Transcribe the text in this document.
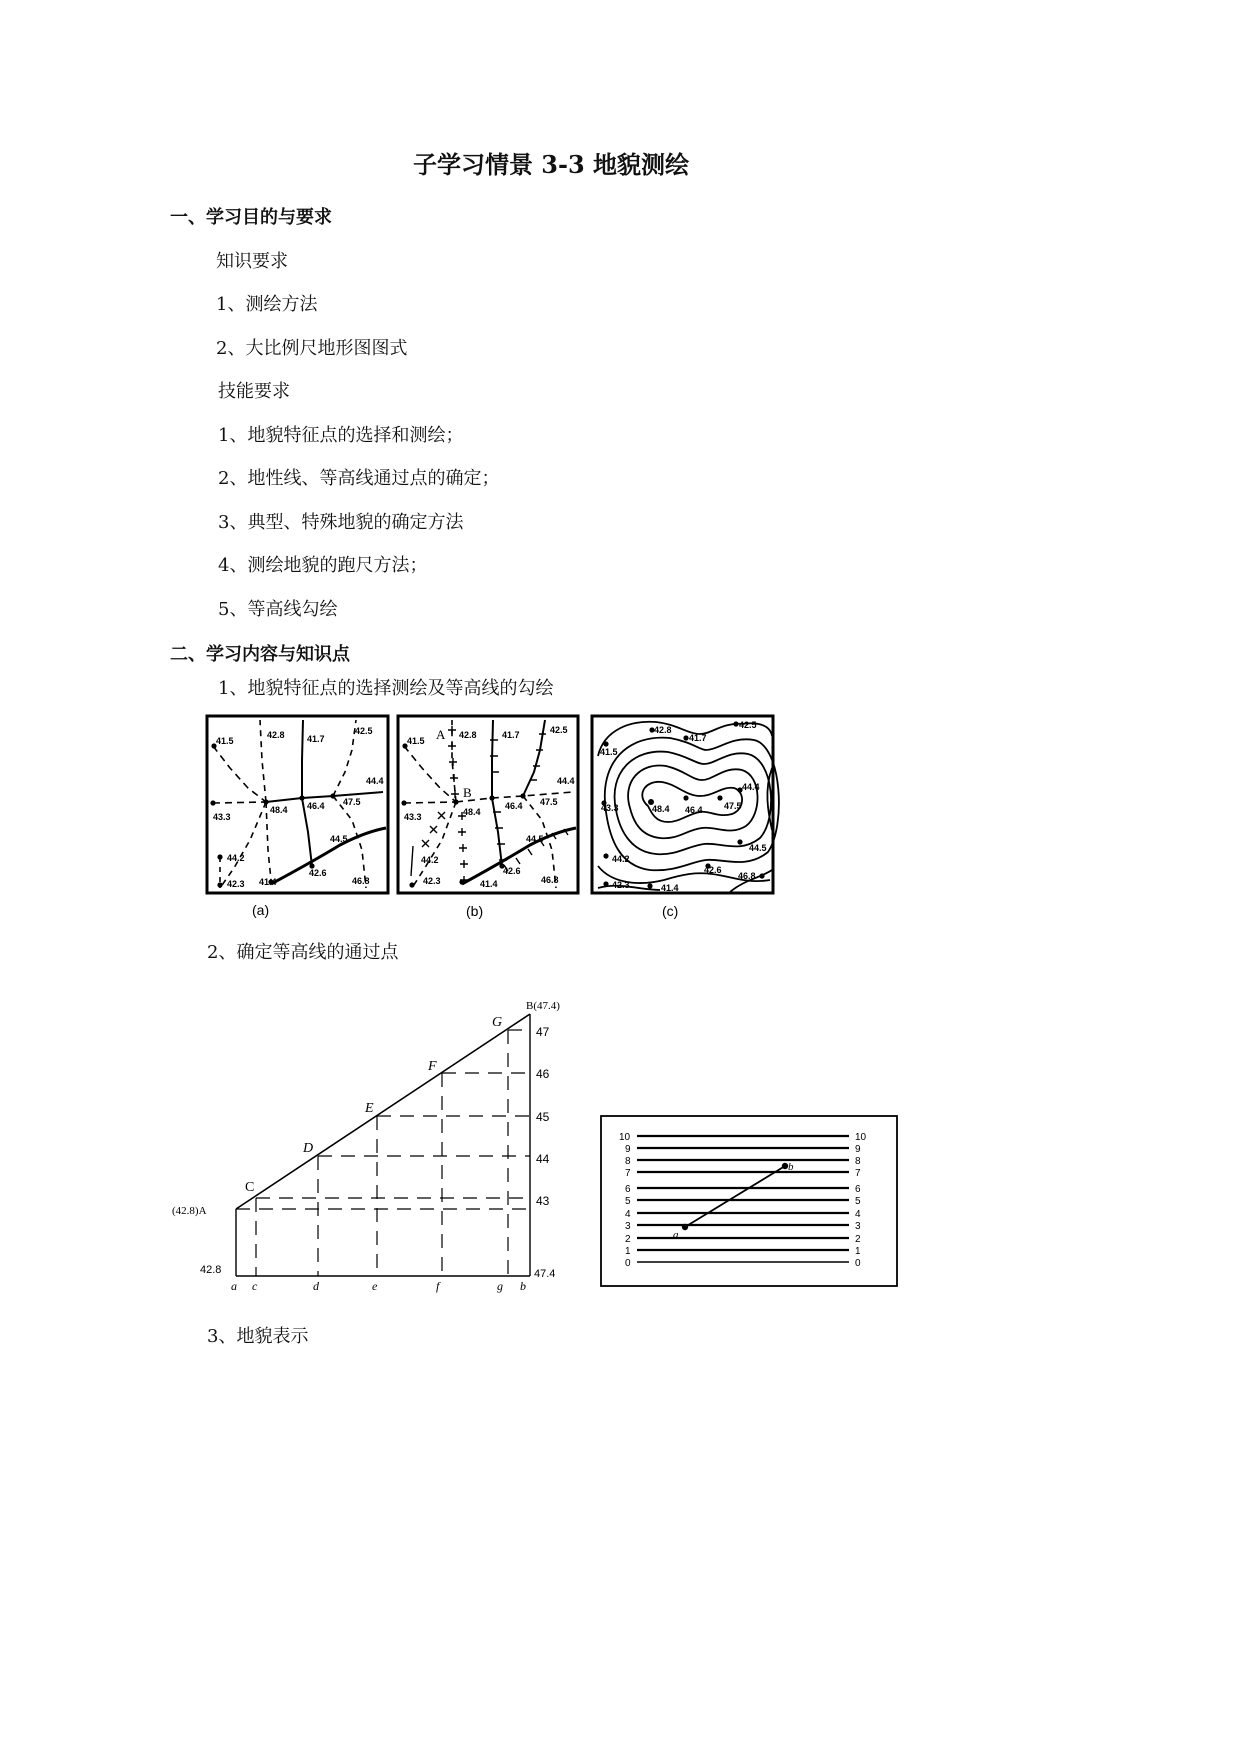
子学习情景 3-3 地貌测绘
一、学习目的与要求
知识要求
1、测绘方法
2、大比例尺地形图图式
技能要求
1、地貌特征点的选择和测绘；
2、地性线、等高线通过点的确定；
3、典型、特殊地貌的确定方法
4、测绘地貌的跑尺方法；
5、等高线勾绘
二、学习内容与知识点
1、地貌特征点的选择测绘及等高线的勾绘
41.5
42.8 41.7
42.5
44.4
43.3
48.4 46.4 47.5
44.5
44.2
42.6
42.3 41.4	46.8
(a)
A
B
41.5
42.8	41.7	42.5
44.4
43.3	48.4
46.4 47.5
44.5
44.2
42.6
42.3	41.4	46.8
(b)
42.5
42.8
41.7
41.5
44.4
43.3	48.4 46.4 47.5
44.5
44.2
42.6
46.8
42.3	41.4
(c)
2、确定等高线的通过点
(42.8)A
B(47.4)
C
D
E
F
G
47
46
45
44
43
42.8	47.4
a c	d	e	f	g b
10
9
8
7
6
5
4
3
2
1
0
10
9
8
7
6
5
4
3
2
1
0
a
b
3、地貌表示
